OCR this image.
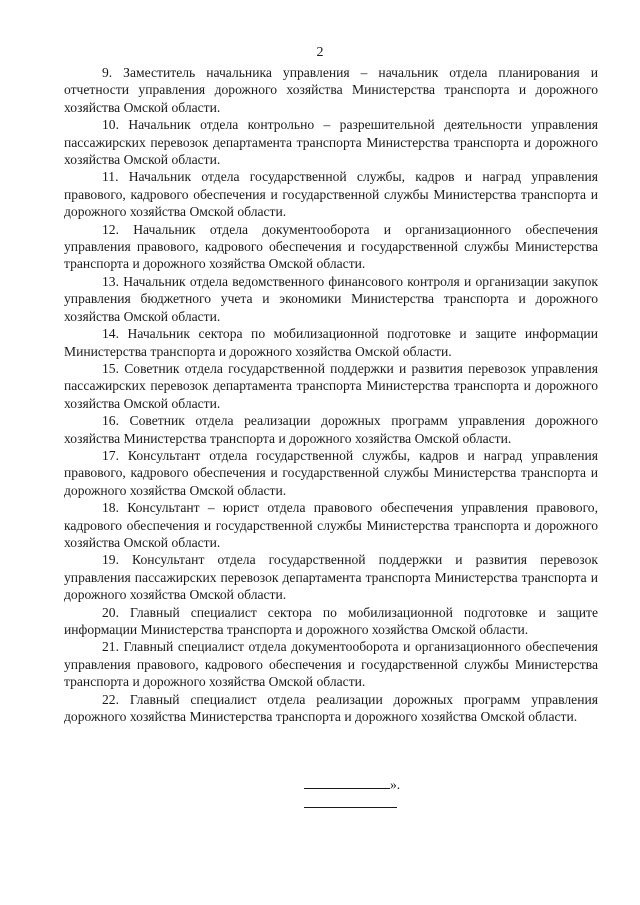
2

9. Заместитель начальника управления – начальник отдела планирования и отчетности управления дорожного хозяйства Министерства транспорта и дорожного хозяйства Омской области.

10. Начальник отдела контрольно – разрешительной деятельности управления пассажирских перевозок департамента транспорта Министерства транспорта и дорожного хозяйства Омской области.

11. Начальник отдела государственной службы, кадров и наград управления правового, кадрового обеспечения и государственной службы Министерства транспорта и дорожного хозяйства Омской области.

12. Начальник отдела документооборота и организационного обеспечения управления правового, кадрового обеспечения и государственной службы Министерства транспорта и дорожного хозяйства Омской области.

13. Начальник отдела ведомственного финансового контроля и организации закупок управления бюджетного учета и экономики Министерства транспорта и дорожного хозяйства Омской области.

14. Начальник сектора по мобилизационной подготовке и защите информации Министерства транспорта и дорожного хозяйства Омской области.

15. Советник отдела государственной поддержки и развития перевозок управления пассажирских перевозок департамента транспорта Министерства транспорта и дорожного хозяйства Омской области.

16. Советник отдела реализации дорожных программ управления дорожного хозяйства Министерства транспорта и дорожного хозяйства Омской области.

17. Консультант отдела государственной службы, кадров и наград управления правового, кадрового обеспечения и государственной службы Министерства транспорта и дорожного хозяйства Омской области.

18. Консультант – юрист отдела правового обеспечения управления правового, кадрового обеспечения и государственной службы Министерства транспорта и дорожного хозяйства Омской области.

19. Консультант отдела государственной поддержки и развития перевозок управления пассажирских перевозок департамента транспорта Министерства транспорта и дорожного хозяйства Омской области.

20. Главный специалист сектора по мобилизационной подготовке и защите информации Министерства транспорта и дорожного хозяйства Омской области.

21. Главный специалист отдела документооборота и организационного обеспечения управления правового, кадрового обеспечения и государственной службы Министерства транспорта и дорожного хозяйства Омской области.

22. Главный специалист отдела реализации дорожных программ управления дорожного хозяйства Министерства транспорта и дорожного хозяйства Омской области.

».
